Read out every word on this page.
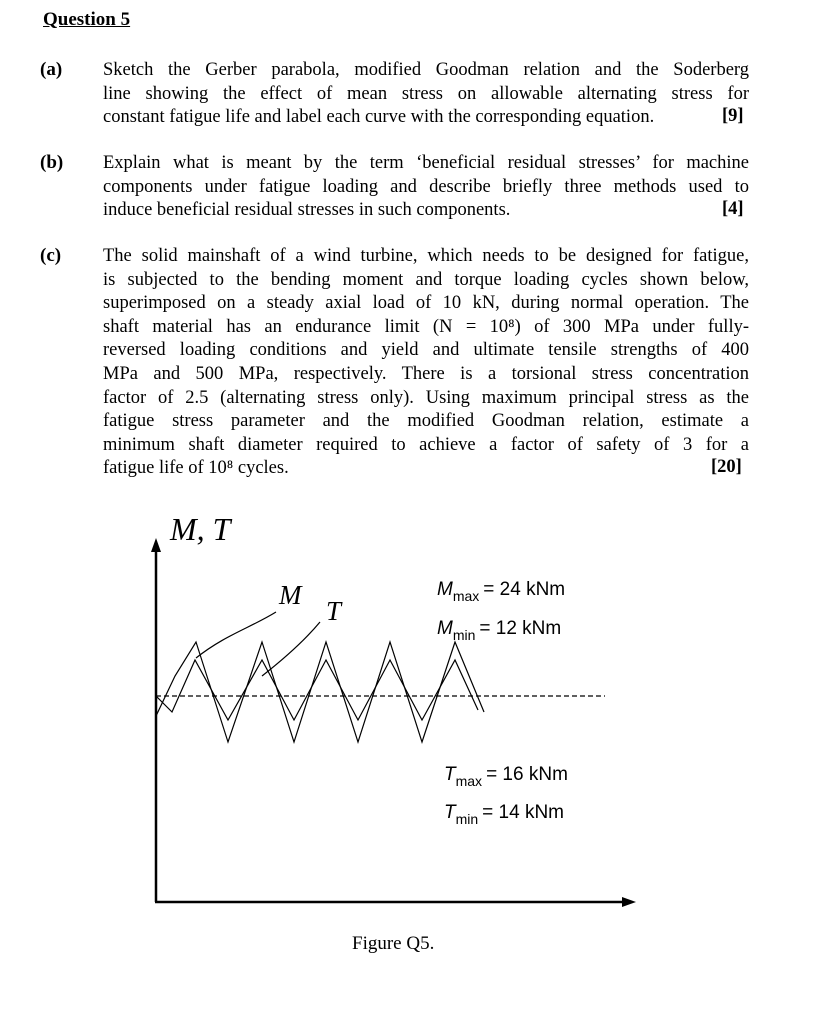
Question 5
(a) Sketch the Gerber parabola, modified Goodman relation and the Soderberg
line showing the effect of mean stress on allowable alternating stress for
constant fatigue life and label each curve with the corresponding equation.	[9]
(b) Explain what is meant by the term ‘beneficial residual stresses’ for machine
components under fatigue loading and describe briefly three methods used to
induce beneficial residual stresses in such components.	[4]
(c) The solid mainshaft of a wind turbine, which needs to be designed for fatigue,
is subjected to the bending moment and torque loading cycles shown below,
superimposed on a steady axial load of 10 kN, during normal operation. The
shaft material has an endurance limit (N = 10⁸) of 300 MPa under fully-
reversed loading conditions and yield and ultimate tensile strengths of 400
MPa and 500 MPa, respectively. There is a torsional stress concentration
factor of 2.5 (alternating stress only). Using maximum principal stress as the
fatigue stress parameter and the modified Goodman relation, estimate a
minimum shaft diameter required to achieve a factor of safety of 3 for a
fatigue life of 10⁸ cycles.	[20]
M, T
M
T
$M_{max} = 24$ kNm
$M_{min} = 12$ kNm
$T_{max} = 16$ kNm
$T_{min} = 14$ kNm
Figure Q5.
